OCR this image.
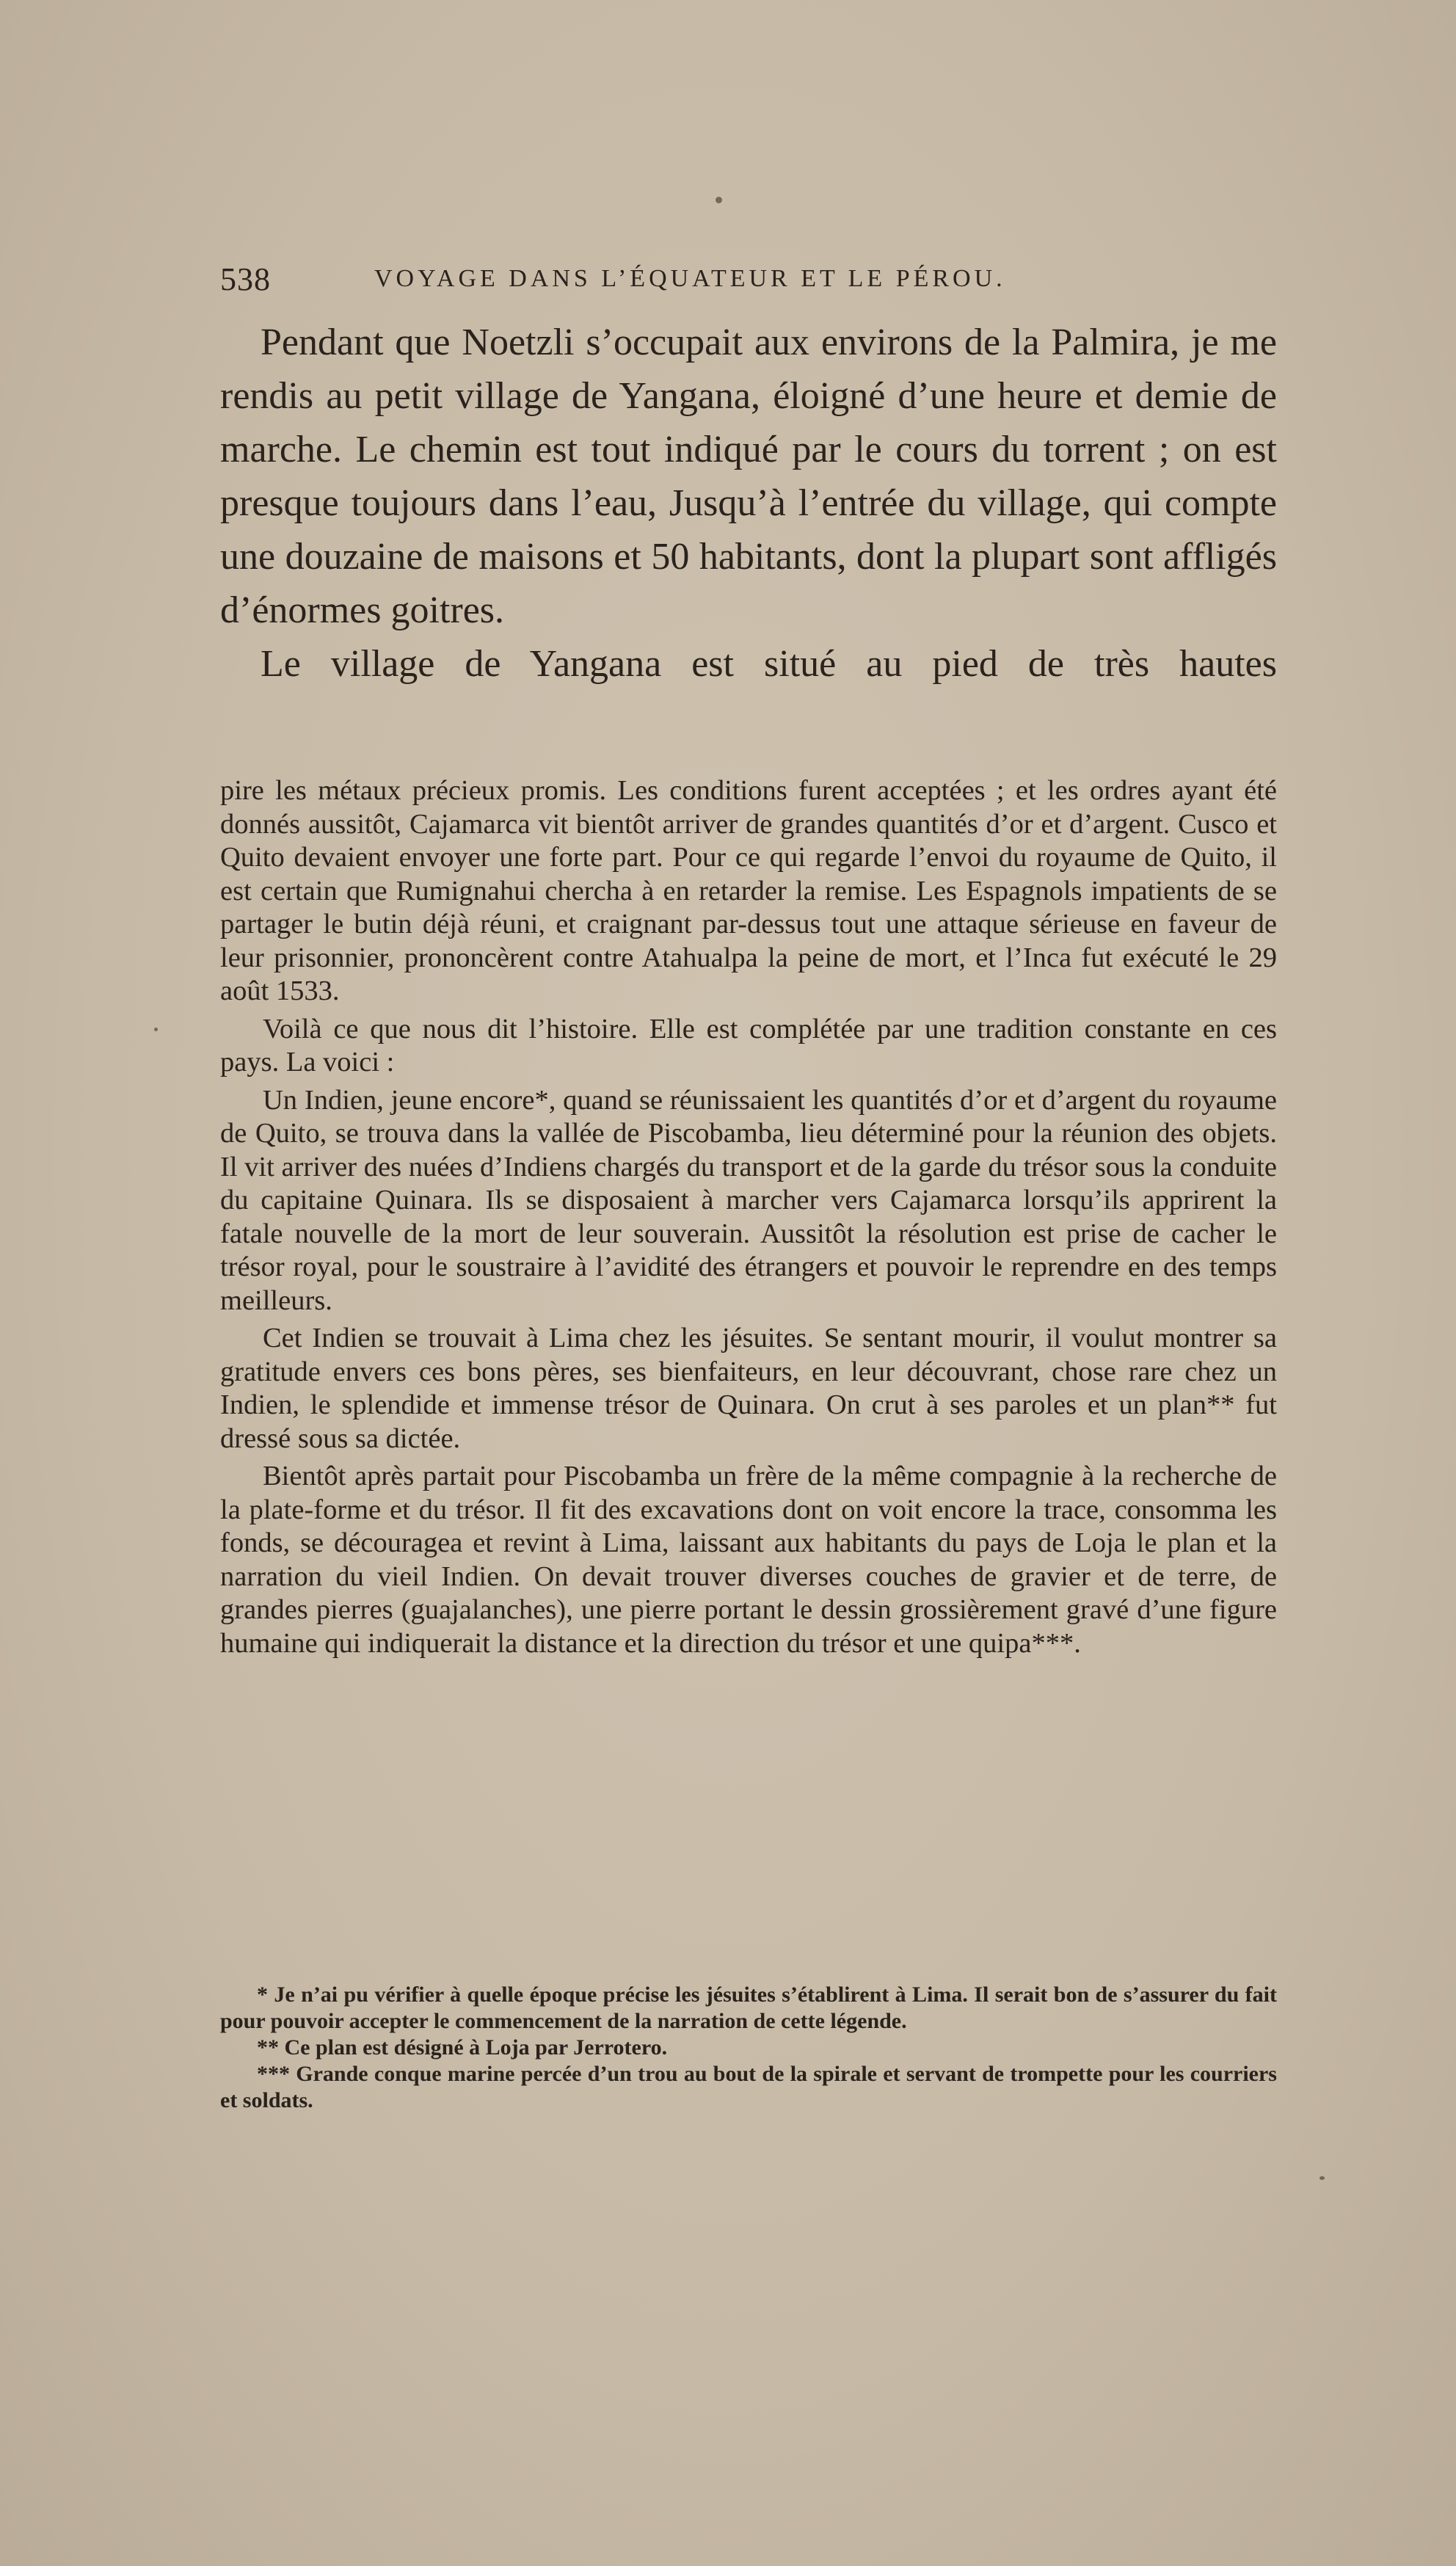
538	VOYAGE DANS L’ÉQUATEUR ET LE PÉROU.

Pendant que Noetzli s’occupait aux environs de la Palmira, je me rendis au petit village de Yangana, éloigné d’une heure et demie de marche. Le chemin est tout indiqué par le cours du torrent ; on est presque toujours dans l’eau, Jusqu’à l’entrée du village, qui compte une douzaine de maisons et 50 habitants, dont la plupart sont affligés d’énormes goitres.

Le village de Yangana est situé au pied de très hautes

pire les métaux précieux promis. Les conditions furent acceptées ; et les ordres ayant été donnés aussitôt, Cajamarca vit bientôt arriver de grandes quantités d’or et d’argent. Cusco et Quito devaient envoyer une forte part. Pour ce qui regarde l’envoi du royaume de Quito, il est certain que Rumignahui chercha à en retarder la remise. Les Espagnols impatients de se partager le butin déjà réuni, et craignant par-dessus tout une attaque sérieuse en faveur de leur prisonnier, prononcèrent contre Atahualpa la peine de mort, et l’Inca fut exécuté le 29 août 1533.

Voilà ce que nous dit l’histoire. Elle est complétée par une tradition constante en ces pays. La voici :

Un Indien, jeune encore*, quand se réunissaient les quantités d’or et d’argent du royaume de Quito, se trouva dans la vallée de Piscobamba, lieu déterminé pour la réunion des objets. Il vit arriver des nuées d’Indiens chargés du transport et de la garde du trésor sous la conduite du capitaine Quinara. Ils se disposaient à marcher vers Cajamarca lorsqu’ils apprirent la fatale nouvelle de la mort de leur souverain. Aussitôt la résolution est prise de cacher le trésor royal, pour le soustraire à l’avidité des étrangers et pouvoir le reprendre en des temps meilleurs.

Cet Indien se trouvait à Lima chez les jésuites. Se sentant mourir, il voulut montrer sa gratitude envers ces bons pères, ses bienfaiteurs, en leur découvrant, chose rare chez un Indien, le splendide et immense trésor de Quinara. On crut à ses paroles et un plan** fut dressé sous sa dictée.

Bientôt après partait pour Piscobamba un frère de la même compagnie à la recherche de la plate-forme et du trésor. Il fit des excavations dont on voit encore la trace, consomma les fonds, se découragea et revint à Lima, laissant aux habitants du pays de Loja le plan et la narration du vieil Indien. On devait trouver diverses couches de gravier et de terre, de grandes pierres (guajalanches), une pierre portant le dessin grossièrement gravé d’une figure humaine qui indiquerait la distance et la direction du trésor et une quipa***.

* Je n’ai pu vérifier à quelle époque précise les jésuites s’établirent à Lima. Il serait bon de s’assurer du fait pour pouvoir accepter le commencement de la narration de cette légende.

** Ce plan est désigné à Loja par Jerrotero.

*** Grande conque marine percée d’un trou au bout de la spirale et servant de trompette pour les courriers et soldats.
